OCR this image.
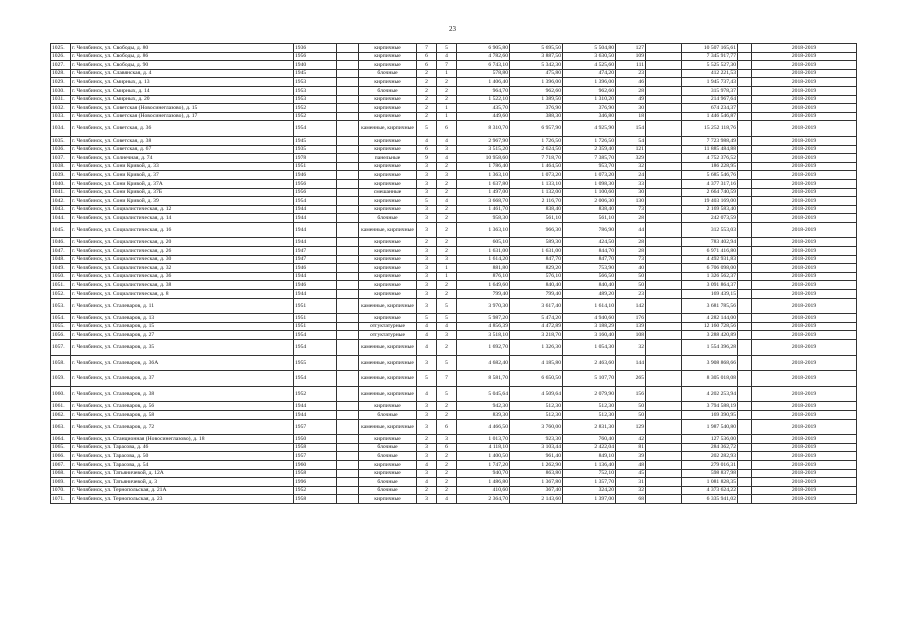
23
1025.	г. Челябинск, ул. Свободы, д. 80	1936		кирпичные	7	5	6 905,80	5 695,50	5 504,80	127		10 507 165,61		2018-2019
1026.	г. Челябинск, ул. Свободы, д. 86	1956		кирпичные	6	4	4 782,60	3 887,50	3 630,50	109		7 345 917,77		2018-2019
1027.	г. Челябинск, ул. Свободы, д. 90	1940		кирпичные	6	7	6 743,10	5 342,30	4 525,60	111		5 525 527,30		2018-2019
1028.	г. Челябинск, ул. Славянская, д. 4	1945		блочные	2	1	578,80	475,80	474,20	23		412 221,53		2018-2019
1029.	г. Челябинск, ул. Смирных, д. 13	1953		кирпичные	2	2	1 406,40	1 396,00	1 396,00	46		1 945 737,43		2018-2019
1030.	г. Челябинск, ул. Смирных, д. 14	1953		блочные	2	2	964,70	962,60	962,60	28		315 978,37		2018-2019
1031.	г. Челябинск, ул. Смирных, д. 20	1953		кирпичные	2	2	1 522,10	1 389,50	1 310,20	49		214 967,64		2018-2019
1032.	г. Челябинск, ул. Советская (Новосинеглазово), д. 15	1952		кирпичные	2	1	435,70	376,90	376,90	30		674 234,37		2018-2019
1033.	г. Челябинск, ул. Советская (Новосинеглазово), д. 17	1952		кирпичные	2	1	449,60	388,30	346,80	18		1 446 546,87		2018-2019
1034.	г. Челябинск, ул. Советская, д. 36	1954		каменные, кирпичные	5	6	8 310,70	6 957,90	4 925,90	154		15 252 118,76		2018-2019
1035.	г. Челябинск, ул. Советская, д. 38	1945		кирпичные	4	4	2 967,90	1 726,50	1 726,50	54		7 723 988,49		2018-2019
1036.	г. Челябинск, ул. Советская, д. 67	1935		кирпичные	6	3	3 515,20	2 624,50	2 359,40	121		11 885 484,88		2018-2019
1037.	г. Челябинск, ул. Солнечная, д. 74	1978		панельные	9	4	10 958,60	7 718,70	7 385,70	329		4 752 376,52		2018-2019
1038.	г. Челябинск, ул. Сони Кривой, д. 33	1951		кирпичные	3	2	1 786,40	1 464,50	953,70	32		186 228,95		2018-2019
1039.	г. Челябинск, ул. Сони Кривой, д. 37	1946		кирпичные	3	3	1 363,10	1 073,20	1 073,20	24		5 685 546,76		2018-2019
1040.	г. Челябинск, ул. Сони Кривой, д. 37А	1956		кирпичные	3	2	1 637,80	1 133,10	1 098,30	33		4 377 317,16		2018-2019
1041.	г. Челябинск, ул. Сони Кривой, д. 37Б	1956		смешанные	3	2	1 497,00	1 132,00	1 100,60	30		2 664 740,59		2018-2019
1042.	г. Челябинск, ул. Сони Кривой, д. 39	1954		кирпичные	5	4	3 668,70	2 116,70	2 006,30	130		19 403 169,00		2018-2019
1043.	г. Челябинск, ул. Социалистическая, д. 12	1944		кирпичные	3	2	1 461,70	838,40	838,40	73		2 169 583,40		2018-2019
1044.	г. Челябинск, ул. Социалистическая, д. 14	1944		блочные	3	2	958,30	561,10	561,10	28		242 073,59		2018-2019
1045.	г. Челябинск, ул. Социалистическая, д. 16	1944		каменные, кирпичные	3	2	1 363,10	966,30	786,90	44		312 553,03		2018-2019
1046.	г. Челябинск, ул. Социалистическая, д. 20	1944		кирпичные	2	2	605,10	589,30	424,50	28		783 402,94		2018-2019
1047.	г. Челябинск, ул. Социалистическая, д. 26	1947		кирпичные	3	2	1 631,00	1 631,00	844,70	28		6 971 416,80		2018-2019
1048.	г. Челябинск, ул. Социалистическая, д. 30	1947		кирпичные	3	3	1 614,20	847,70	847,70	73		4 492 931,83		2018-2019
1049.	г. Челябинск, ул. Социалистическая, д. 32	1946		кирпичные	3	1	881,80	829,20	753,90	40		6 706 098,00		2018-2019
1050.	г. Челябинск, ул. Социалистическая, д. 36	1944		кирпичные	3	1	876,10	576,10	566,50	50		1 326 562,37		2018-2019
1051.	г. Челябинск, ул. Социалистическая, д. 38	1946		кирпичные	3	2	1 649,60	840,40	840,40	50		3 091 864,37		2018-2019
1052.	г. Челябинск, ул. Социалистическая, д. 8	1944		кирпичные	3	2	799,40	799,40	489,20	23		169 439,15		2018-2019
1053.	г. Челябинск, ул. Сталеваров, д. 11	1951		каменные, кирпичные	3	5	3 970,30	3 617,40	1 614,10	142		3 681 785,56		2018-2019
1054.	г. Челябинск, ул. Сталеваров, д. 13	1951		кирпичные	5	5	5 987,20	5 474,20	4 940,60	176		4 282 144,00		2018-2019
1055.	г. Челябинск, ул. Сталеваров, д. 15	1951		отгуктатурные	4	4	4 856,39	4 472,89	3 188,29	139		12 160 728,56		2018-2019
1056.	г. Челябинск, ул. Сталеваров, д. 27	1954		отгуктатурные	4	3	3 518,10	3 218,70	3 160,40	108		3 288 420,89		2018-2019
1057.	г. Челябинск, ул. Сталеваров, д. 35	1954		каменные, кирпичные	4	2	1 692,70	1 326,30	1 054,30	32		1 554 396,28		2018-2019
1058.	г. Челябинск, ул. Сталеваров, д. 36А	1955		каменные, кирпичные	3	5	4 682,40	4 185,80	2 463,60	144		3 908 868,66		2018-2019
1059.	г. Челябинск, ул. Сталеваров, д. 37	1954		каменные, кирпичные	5	7	8 581,70	6 650,50	5 107,70	265		8 305 018,08		2018-2019
1060.	г. Челябинск, ул. Сталеваров, д. 38	1952		каменные, кирпичные	4	5	5 045,64	4 509,64	2 079,90	156		4 202 253,94		2018-2019
1061.	г. Челябинск, ул. Сталеваров, д. 56	1944		кирпичные	3	2	942,30	512,30	512,30	50		3 794 588,19		2018-2019
1062.	г. Челябинск, ул. Сталеваров, д. 58	1944		блочные	3	2	839,30	512,30	512,30	50		169 390,95		2018-2019
1063.	г. Челябинск, ул. Сталеваров, д. 72	1957		каменные, кирпичные	3	6	4 466,50	3 760,00	2 831,30	129		1 987 540,80		2018-2019
1064.	г. Челябинск, ул. Станционная (Новосинеглазово), д. 18	1950		кирпичные	2	3	1 013,70	923,30	760,40	42		127 536,00		2018-2019
1065.	г. Челябинск, ул. Тарасова, д. 46	1958		блочные	3	6	4 118,10	3 103,44	2 422,04	81		284 362,72		2018-2019
1066.	г. Челябинск, ул. Тарасова, д. 50	1957		блочные	3	2	1 400,50	961,40	849,10	39		202 282,93		2018-2019
1067.	г. Челябинск, ул. Тарасова, д. 54	1960		кирпичные	4	2	1 747,20	1 262,90	1 136,40	48		279 016,31		2018-2019
1068.	г. Челябинск, ул. Татьяничевой, д. 12А	1958		кирпичные	3	2	940,70	863,80	752,10	45		598 837,98		2018-2019
1069.	г. Челябинск, ул. Татьяничевой, д. 3	1996		блочные	4	2	1 486,80	1 367,80	1 357,70	31		1 081 828,35		2018-2019
1070.	г. Челябинск, ул. Тернопольская, д. 21А	1952		блочные	2	2	410,60	367,40	324,20	32		4 373 624,22		2018-2019
1071.	г. Челябинск, ул. Тернопольская, д. 23	1958		кирпичные	3	4	2 364,70	2 143,60	1 397,00	68		6 335 941,02		2018-2019
